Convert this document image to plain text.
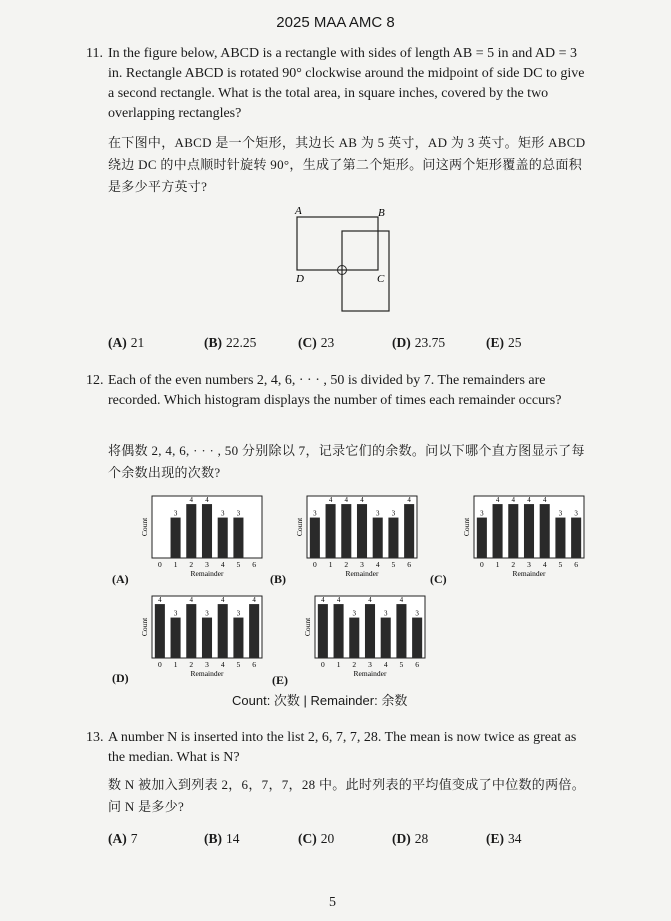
2025 MAA AMC 8
11. In the figure below, ABCD is a rectangle with sides of length AB = 5 in and AD = 3 in. Rectangle ABCD is rotated 90° clockwise around the midpoint of side DC to give a second rectangle. What is the total area, in square inches, covered by the two overlapping rectangles?
在下图中，ABCD 是一个矩形，其边长 AB 为 5 英寸，AD 为 3 英寸。矩形 ABCD 绕边 DC 的中点顺时针旋转 90°，生成了第二个矩形。问这两个矩形覆盖的总面积是多少平方英寸?
A	B
C
D
(A) 21	(B) 22.25	(C) 23	(D) 23.75	(E) 25
12. Each of the even numbers 2, 4, 6, · · · , 50 is divided by 7. The remainders are recorded. Which histogram displays the number of times each remainder occurs?
将偶数 2, 4, 6, · · · , 50 分别除以 7，记录它们的余数。问以下哪个直方图显示了每个余数出现的次数?
0
3
1
4
2
4
3
3
4
3
5 6
Remainder
Count
3
0
4
1
4
2
4
3
3
4
3
5
4
6
Remainder
Count
3
0
4
1
4
2
4
3
4
4
3
5
3
6
Remainder
Count
4
0
3
1
4
2
3
3
4
4
3
5
4
6
Remainder
Count
4
0
4
1
3
2
4
3
3
4
4
5
3
6
Remainder
Count
(A)	(B)	(C)
(D)	(E)
Count: 次数 | Remainder: 余数
13. A number N is inserted into the list 2, 6, 7, 7, 28. The mean is now twice as great as the median. What is N?
数 N 被加入到列表 2，6，7，7，28 中。此时列表的平均值变成了中位数的两倍。问 N 是多少?
(A) 7	(B) 14	(C) 20	(D) 28	(E) 34
5
